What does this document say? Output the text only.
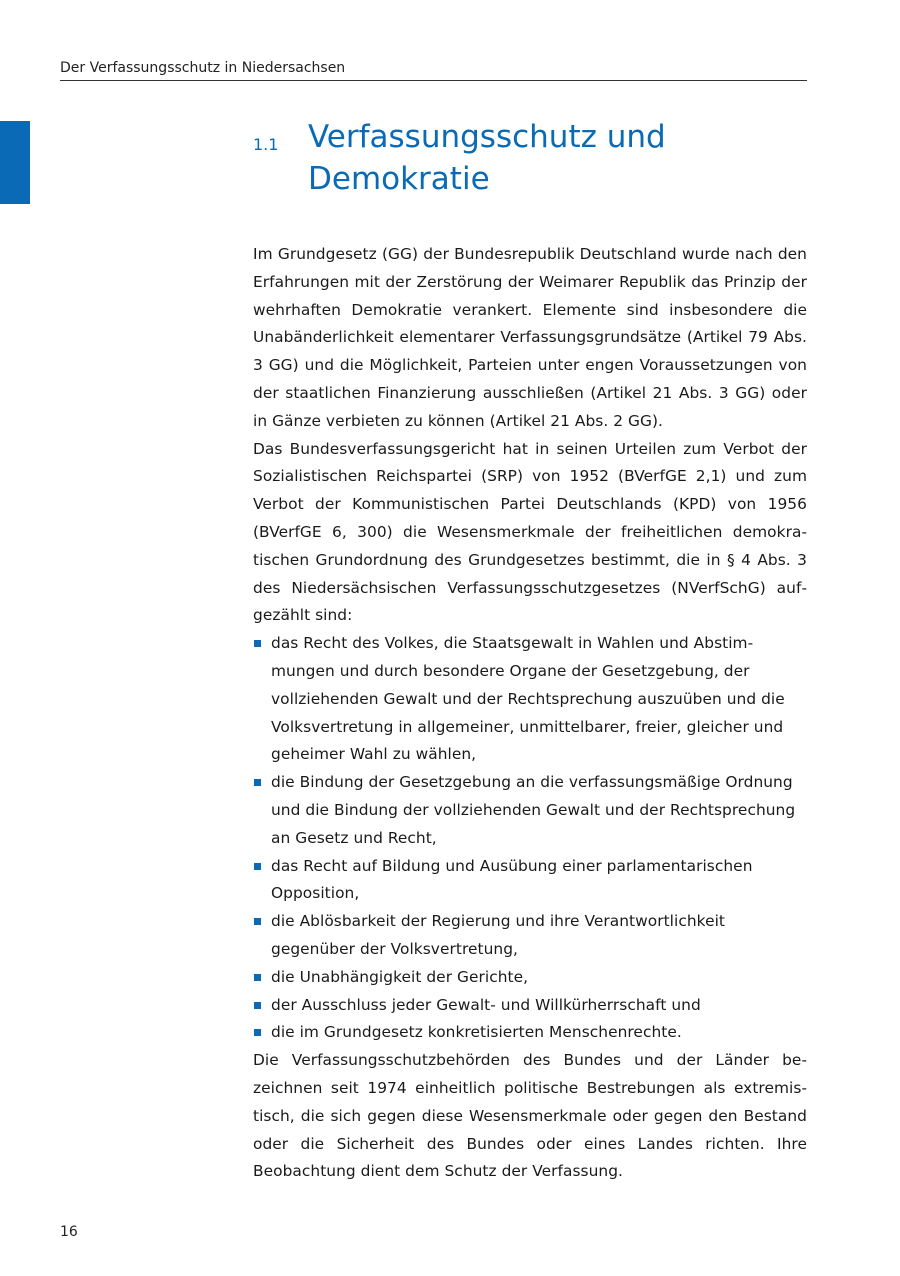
Der Verfassungsschutz in Niedersachsen
1.1 Verfassungsschutz und
Demokratie

Im Grundgesetz (GG) der Bundesrepublik Deutschland wurde nach den Erfahrungen mit der Zerstörung der Weimarer Republik das Prinzip der wehrhaften Demokratie verankert. Elemente sind insbesondere die Unabänderlichkeit elementarer Verfassungsgrundsätze (Artikel 79 Abs. 3 GG) und die Möglichkeit, Parteien unter engen Voraussetzungen von der staatlichen Finanzierung ausschließen (Artikel 21 Abs. 3 GG) oder in Gänze verbieten zu können (Artikel 21 Abs. 2 GG).

Das Bundesverfassungsgericht hat in seinen Urteilen zum Verbot der Sozialistischen Reichspartei (SRP) von 1952 (BVerfGE 2,1) und zum Verbot der Kommunistischen Partei Deutschlands (KPD) von 1956 (BVerfGE 6, 300) die Wesensmerkmale der freiheitlichen demokratischen Grundordnung des Grundgesetzes bestimmt, die in § 4 Abs. 3 des Niedersächsischen Verfassungsschutzgesetzes (NVerfSchG) aufgezählt sind:

das Recht des Volkes, die Staatsgewalt in Wahlen und Abstimmungen und durch besondere Organe der Gesetzgebung, der vollziehenden Gewalt und der Rechtsprechung auszuüben und die Volksvertretung in allgemeiner, unmittelbarer, freier, gleicher und geheimer Wahl zu wählen,
die Bindung der Gesetzgebung an die verfassungsmäßige Ordnung und die Bindung der vollziehenden Gewalt und der Rechtsprechung an Gesetz und Recht,
das Recht auf Bildung und Ausübung einer parlamentarischen Opposition,
die Ablösbarkeit der Regierung und ihre Verantwortlichkeit gegenüber der Volksvertretung,
die Unabhängigkeit der Gerichte,
der Ausschluss jeder Gewalt- und Willkürherrschaft und
die im Grundgesetz konkretisierten Menschenrechte.

Die Verfassungsschutzbehörden des Bundes und der Länder bezeichnen seit 1974 einheitlich politische Bestrebungen als extremistisch, die sich gegen diese Wesensmerkmale oder gegen den Bestand oder die Sicherheit des Bundes oder eines Landes richten. Ihre Beobachtung dient dem Schutz der Verfassung.

16
